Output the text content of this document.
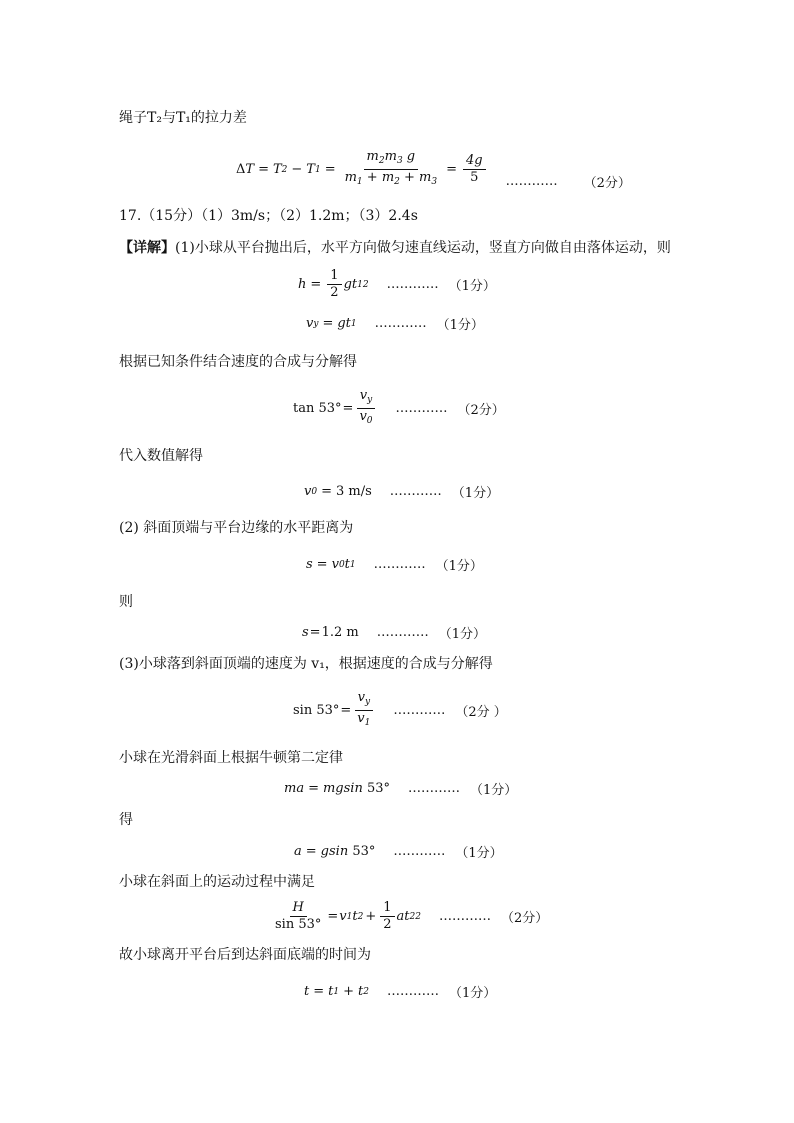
绳子T₂与T₁的拉力差
Δ T = T 2 − T $1 = \frac{m_2m_3 g}{m_1 + m_2 + m_3} = \frac{4g}{5}$ ………… （2分）
17.（15分）（1）3m/s；（2）1.2m；（3）2.4s
【详解】(1)小球从平台抛出后，水平方向做匀速直线运动，竖直方向做自由落体运动，则
$h = \frac{1}{2}$ gt 1 2 ………… （1分）
v y = gt 1 ………… （1分）
根据已知条件结合速度的合成与分解得
$\tan 53^\circ = \frac{v_y}{v_0}$ ………… （2分）
代入数值解得
v 0 = 3 m/s ………… （1分）
(2) 斜面顶端与平台边缘的水平距离为
s = v 0 t 1 ………… （1分）
则
s = 1.2 m ………… （1分）
(3)小球落到斜面顶端的速度为 v₁，根据速度的合成与分解得
$\sin 53^\circ = \frac{v_y}{v_1}$ ………… （2分 ）
小球在光滑斜面上根据牛顿第二定律
ma = mgsin 53° ………… （1分）
得
a = gsin 53° ………… （1分）
小球在斜面上的运动过程中满足
$\frac{H}{\sin 53^\circ} = v$ 1 t $2 + \frac{1}{2}$ at 2 2 ………… （2分）
故小球离开平台后到达斜面底端的时间为
t = t 1 + t 2 ………… （1分）
